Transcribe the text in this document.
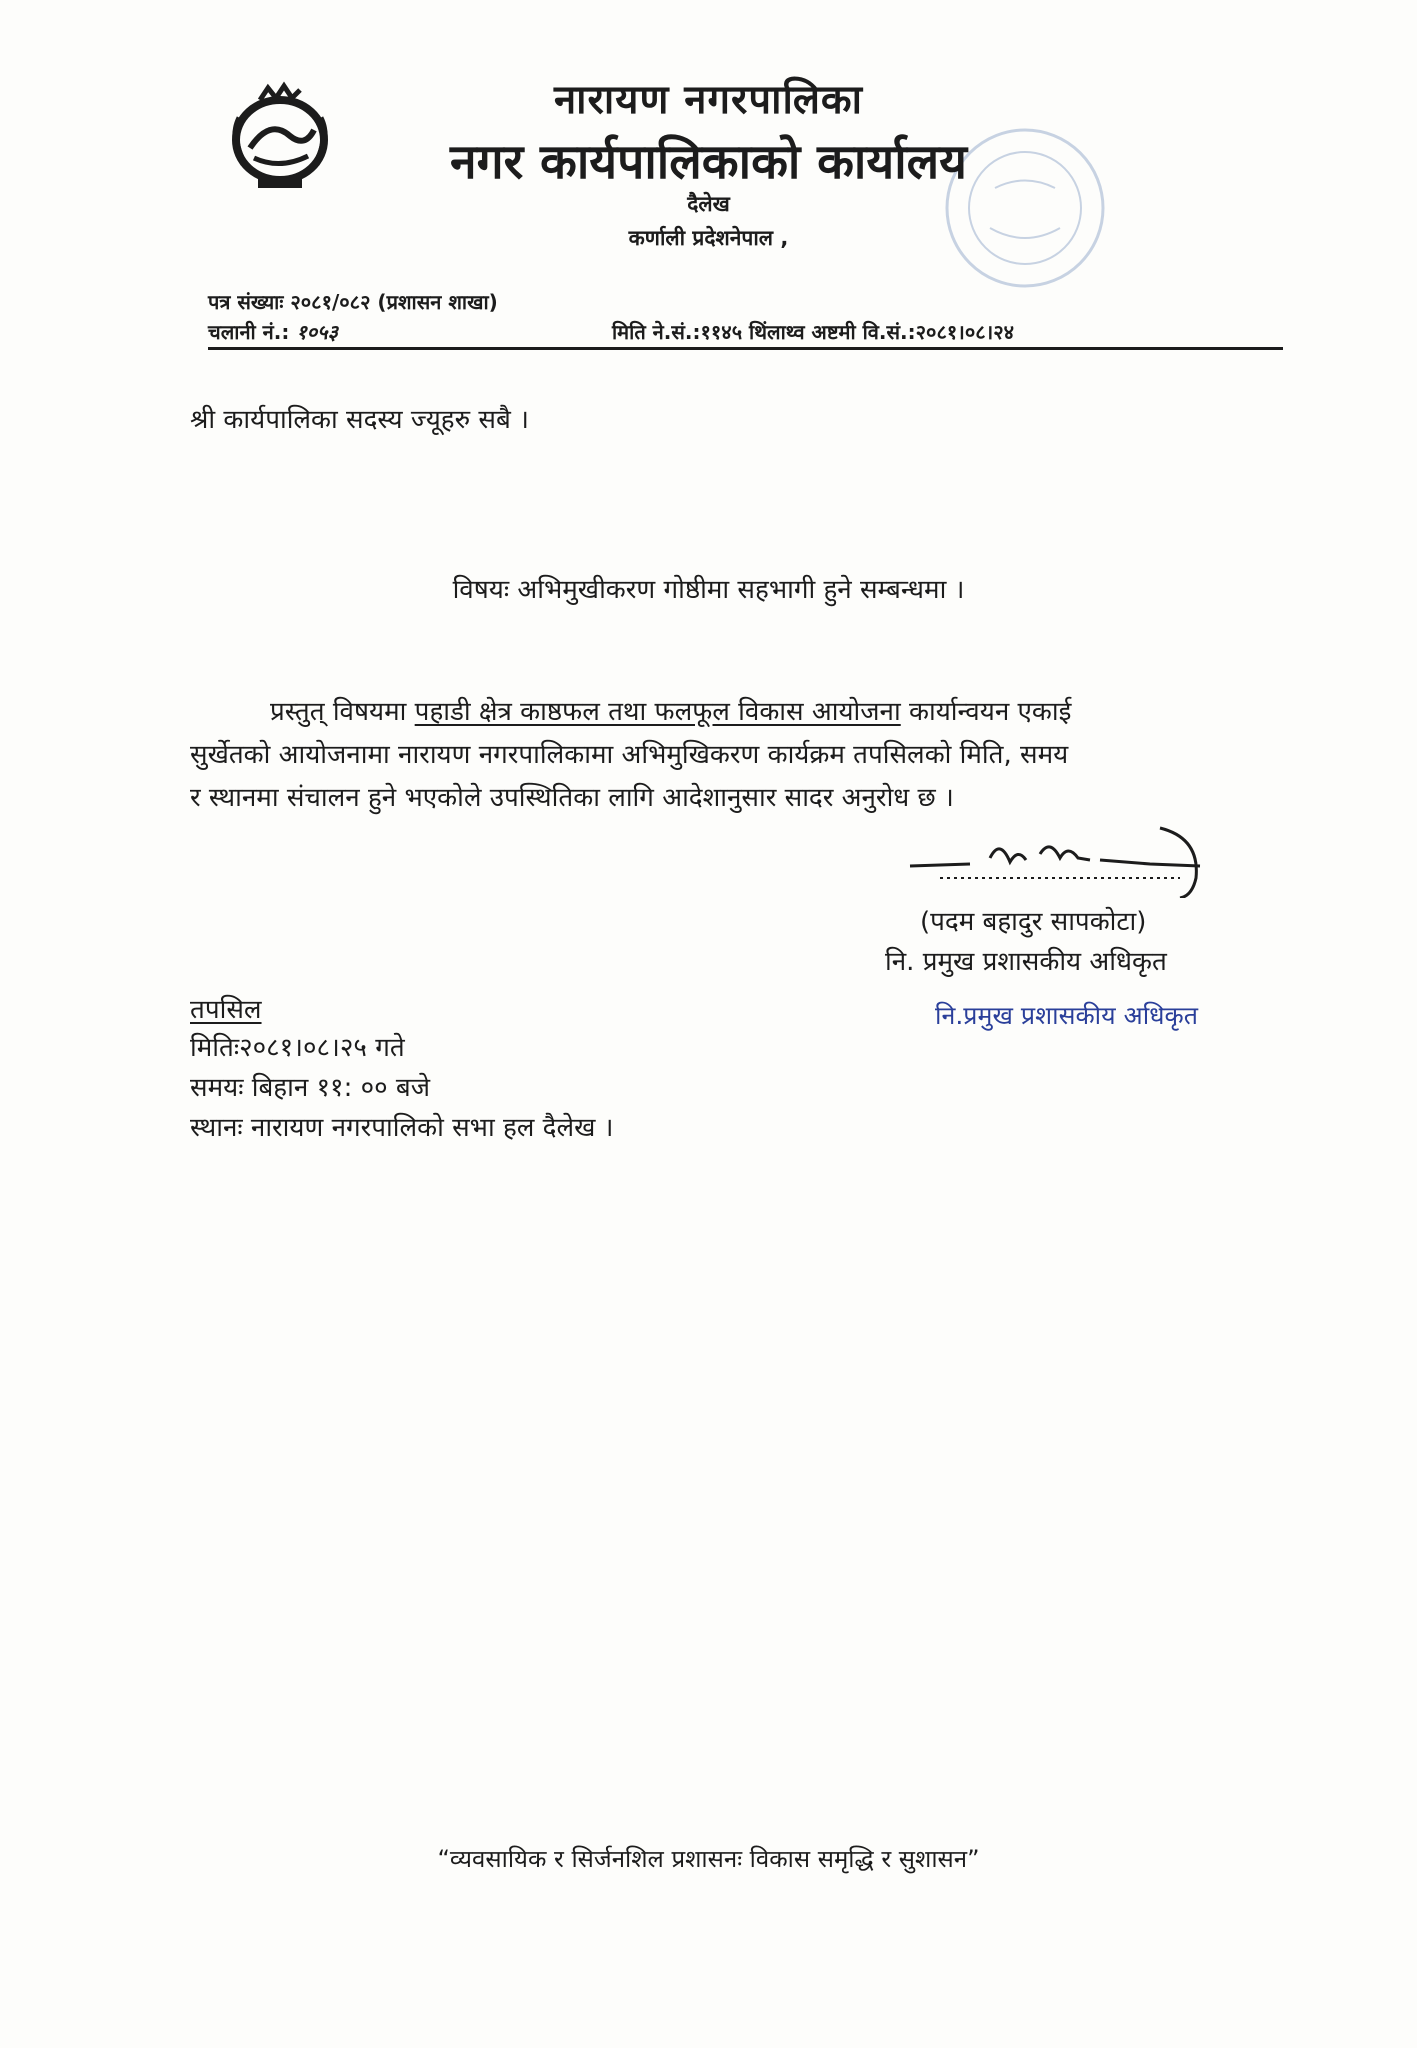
नारायण नगरपालिका
नगर कार्यपालिकाको कार्यालय
दैलेख
कर्णाली प्रदेशनेपाल ,
पत्र संख्याः २०८१/०८२ (प्रशासन शाखा)
चलानी नं.: १०५३	मिति ने.सं.:११४५ थिंलाथ्व अष्टमी वि.सं.:२०८१।०८।२४
श्री कार्यपालिका सदस्य ज्यूहरु सबै ।
विषयः अभिमुखीकरण गोष्ठीमा सहभागी हुने सम्बन्धमा ।
प्रस्तुत् विषयमा पहाडी क्षेत्र काष्ठफल तथा फलफूल विकास आयोजना कार्यान्वयन एकाई
सुर्खेतको आयोजनामा नारायण नगरपालिकामा अभिमुखिकरण कार्यक्रम तपसिलको मिति, समय
र स्थानमा संचालन हुने भएकोले उपस्थितिका लागि आदेशानुसार सादर अनुरोध छ ।
(पदम बहादुर सापकोटा)
नि. प्रमुख प्रशासकीय अधिकृत
नि.प्रमुख प्रशासकीय अधिकृत
तपसिल
मितिः२०८१।०८।२५ गते
समयः बिहान ११: ०० बजे
स्थानः नारायण नगरपालिको सभा हल दैलेख ।
“व्यवसायिक र सिर्जनशिल प्रशासनः विकास समृद्धि र सुशासन”
